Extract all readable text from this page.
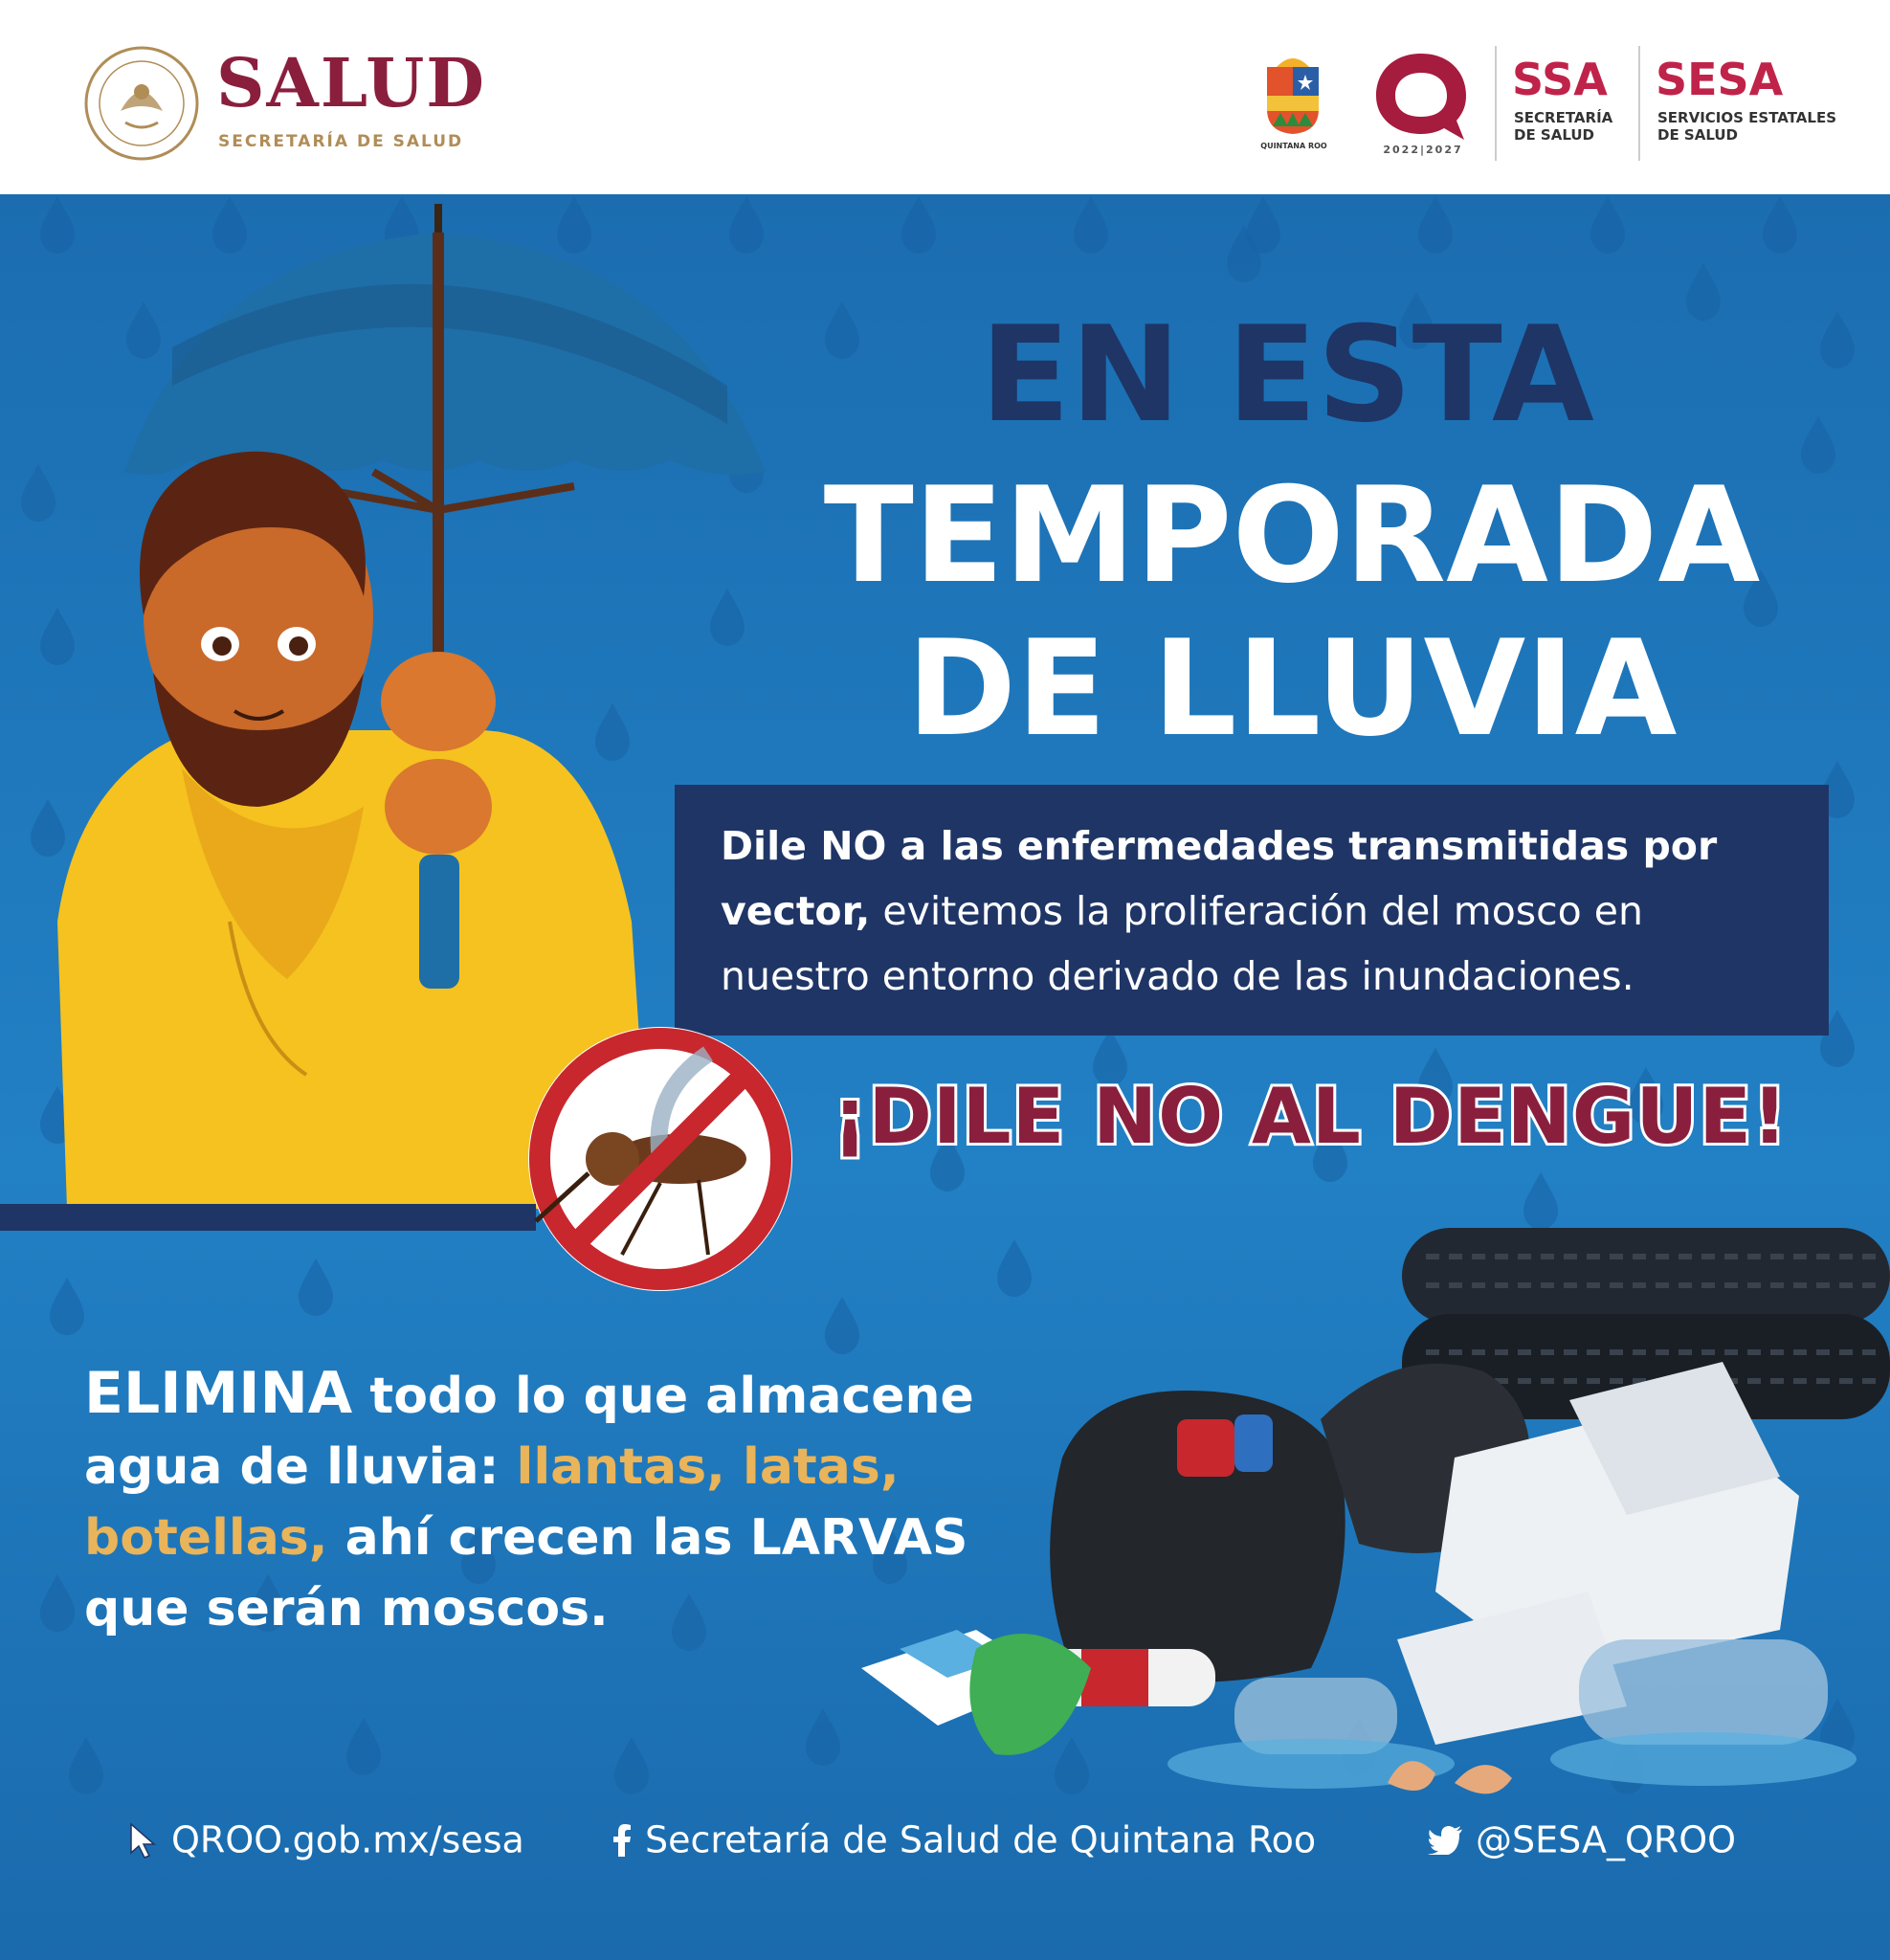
SALUD
SECRETARÍA DE SALUD	QUINTANA ROO	2022|2027
SSA
SECRETARÍA
DE SALUD
SESA
SERVICIOS ESTATALES
DE SALUD
EN ESTA
TEMPORADA
DE LLUVIA
Dile NO a las enfermedades transmitidas por vector, evitemos la proliferación del mosco en nuestro entorno derivado de las inundaciones.
¡DILE NO AL DENGUE!
ELIMINA todo lo que almacene agua de lluvia: llantas, latas, botellas, ahí crecen las LARVAS que serán moscos.
QROO.gob.mx/sesa	Secretaría de Salud de Quintana Roo	@SESA_QROO
